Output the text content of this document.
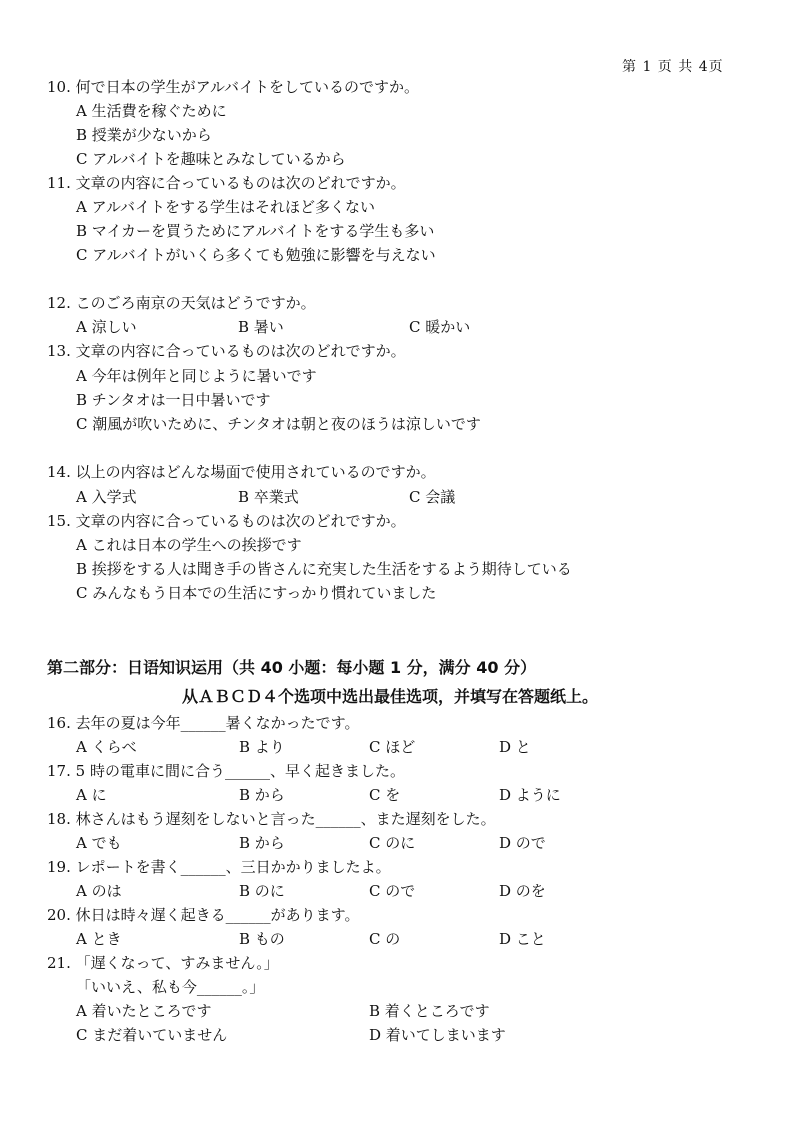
第 1 页 共 4页
10. 何で日本の学生がアルバイトをしているのですか。
A 生活費を稼ぐために
B 授業が少ないから
C アルバイトを趣味とみなしているから
11. 文章の内容に合っているものは次のどれですか。
A アルバイトをする学生はそれほど多くない
B マイカーを買うためにアルバイトをする学生も多い
C アルバイトがいくら多くても勉強に影響を与えない
12. このごろ南京の天気はどうですか。
A 涼しい	B 暑い	C 暖かい
13. 文章の内容に合っているものは次のどれですか。
A 今年は例年と同じように暑いです
B チンタオは一日中暑いです
C 潮風が吹いために、チンタオは朝と夜のほうは涼しいです
14. 以上の内容はどんな場面で使用されているのですか。
A 入学式	B 卒業式	C 会議
15. 文章の内容に合っているものは次のどれですか。
A これは日本の学生への挨拶です
B 挨拶をする人は聞き手の皆さんに充実した生活をするよう期待している
C みんなもう日本での生活にすっかり慣れていました
第二部分：日语知识运用（共 40 小题：每小题 1 分，满分 40 分）
从ＡＢＣＤ４个选项中选出最佳选项，并填写在答题纸上。
16. 去年の夏は今年______暑くなかったです。
A くらべ	B より	C ほど	D と
17. 5 時の電車に間に合う______、早く起きました。
A に	B から	C を	D ように
18. 林さんはもう遅刻をしないと言った______、また遅刻をした。
A でも	B から	C のに	D ので
19. レポートを書く______、三日かかりましたよ。
A のは	B のに	C ので	D のを
20. 休日は時々遅く起きる______があります。
A とき	B もの	C の	D こと
21. 「遅くなって、すみません。」
「いいえ、私も今______。」
A 着いたところです	B 着くところです
C まだ着いていません	D 着いてしまいます
